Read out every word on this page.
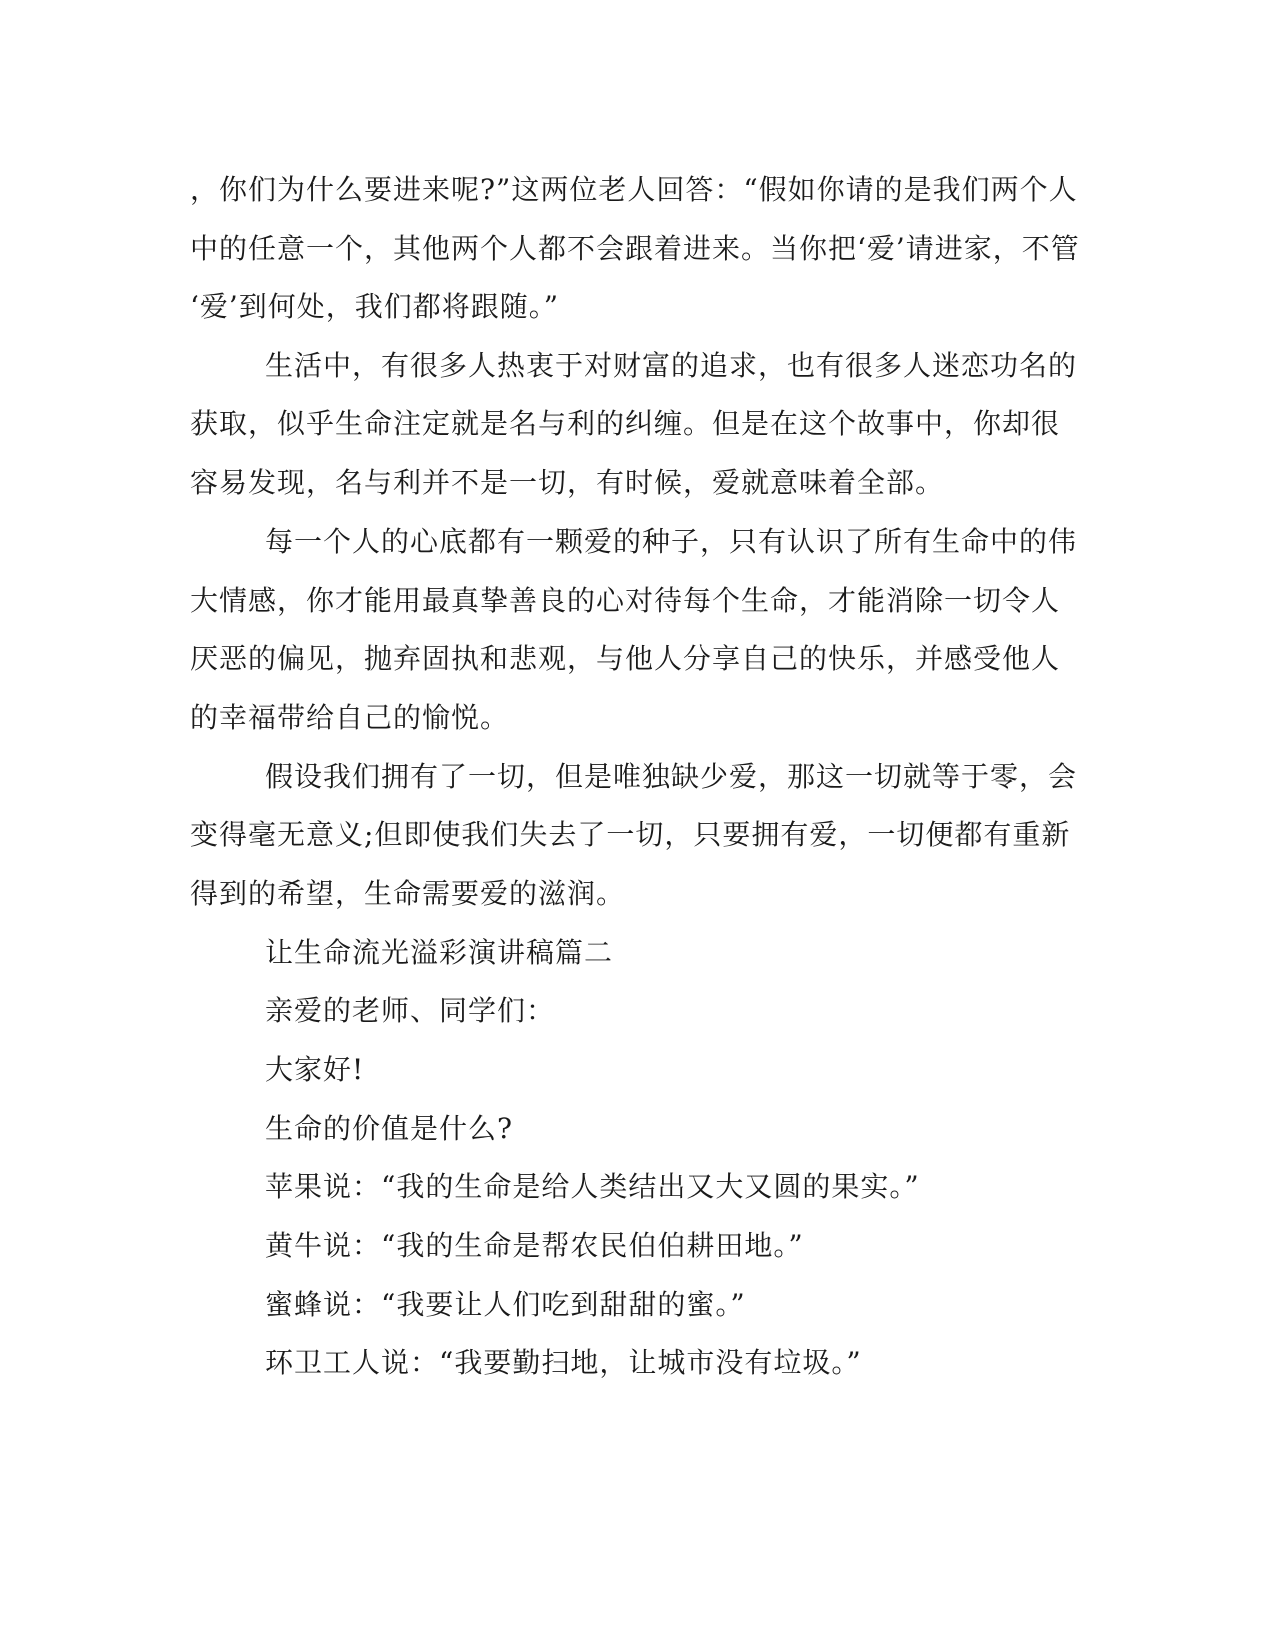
，你们为什么要进来呢?”这两位老人回答：“假如你请的是我们两个人
中的任意一个，其他两个人都不会跟着进来。当你把‘爱’请进家，不管
‘爱’到何处，我们都将跟随。”
生活中，有很多人热衷于对财富的追求，也有很多人迷恋功名的
获取，似乎生命注定就是名与利的纠缠。但是在这个故事中，你却很
容易发现，名与利并不是一切，有时候，爱就意味着全部。
每一个人的心底都有一颗爱的种子，只有认识了所有生命中的伟
大情感，你才能用最真挚善良的心对待每个生命，才能消除一切令人
厌恶的偏见，抛弃固执和悲观，与他人分享自己的快乐，并感受他人
的幸福带给自己的愉悦。
假设我们拥有了一切，但是唯独缺少爱，那这一切就等于零，会
变得毫无意义;但即使我们失去了一切，只要拥有爱，一切便都有重新
得到的希望，生命需要爱的滋润。
让生命流光溢彩演讲稿篇二
亲爱的老师、同学们：
大家好!
生命的价值是什么?
苹果说：“我的生命是给人类结出又大又圆的果实。”
黄牛说：“我的生命是帮农民伯伯耕田地。”
蜜蜂说：“我要让人们吃到甜甜的蜜。”
环卫工人说：“我要勤扫地，让城市没有垃圾。”
